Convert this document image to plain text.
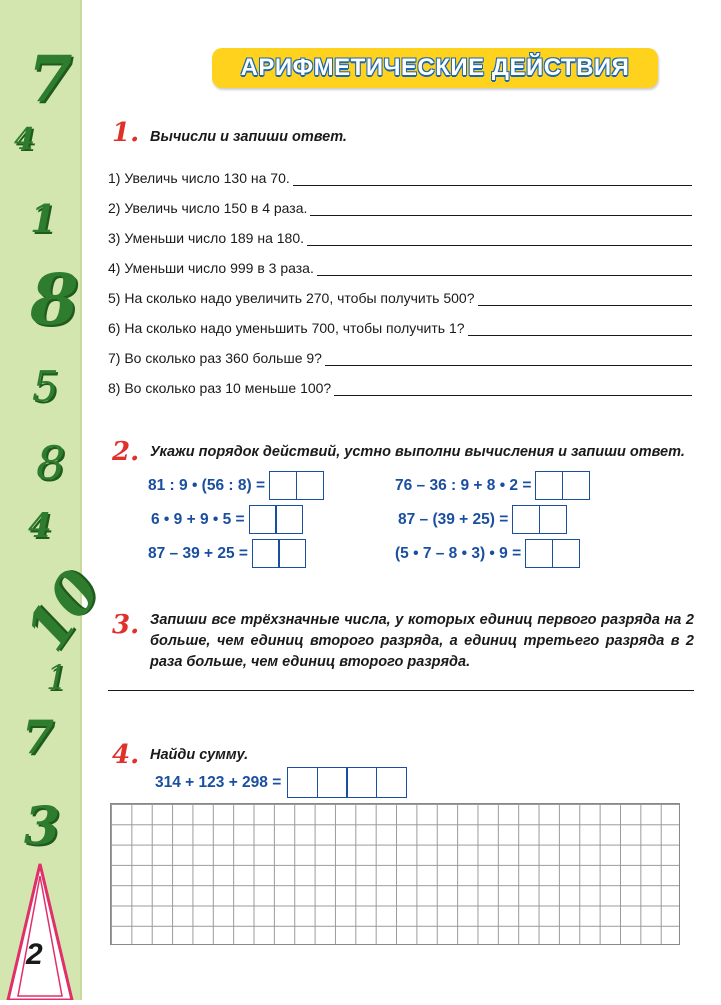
7
4
1
8
5
8
4
10
1
7
3
2
АРИФМЕТИЧЕСКИЕ ДЕЙСТВИЯ
1. Вычисли и запиши ответ.
1) Увеличь число 130 на 70.
2) Увеличь число 150 в 4 раза.
3) Уменьши число 189 на 180.
4) Уменьши число 999 в 3 раза.
5) На сколько надо увеличить 270, чтобы получить 500?
6) На сколько надо уменьшить 700, чтобы получить 1?
7) Во сколько раз 360 больше 9?
8) Во сколько раз 10 меньше 100?
2. Укажи порядок действий, устно выполни вычисления и запиши ответ.
81 : 9 • (56 : 8) =	76 – 36 : 9 + 8 • 2 =
6 • 9 + 9 • 5 =	87 – (39 + 25) =
87 – 39 + 25 =	(5 • 7 – 8 • 3) • 9 =
3. Запиши все трёхзначные числа, у которых единиц первого разряда на 2 больше, чем единиц второго разряда, а единиц третьего разряда в 2 раза больше, чем единиц второго разряда.
4. Найди сумму.
314 + 123 + 298 =
